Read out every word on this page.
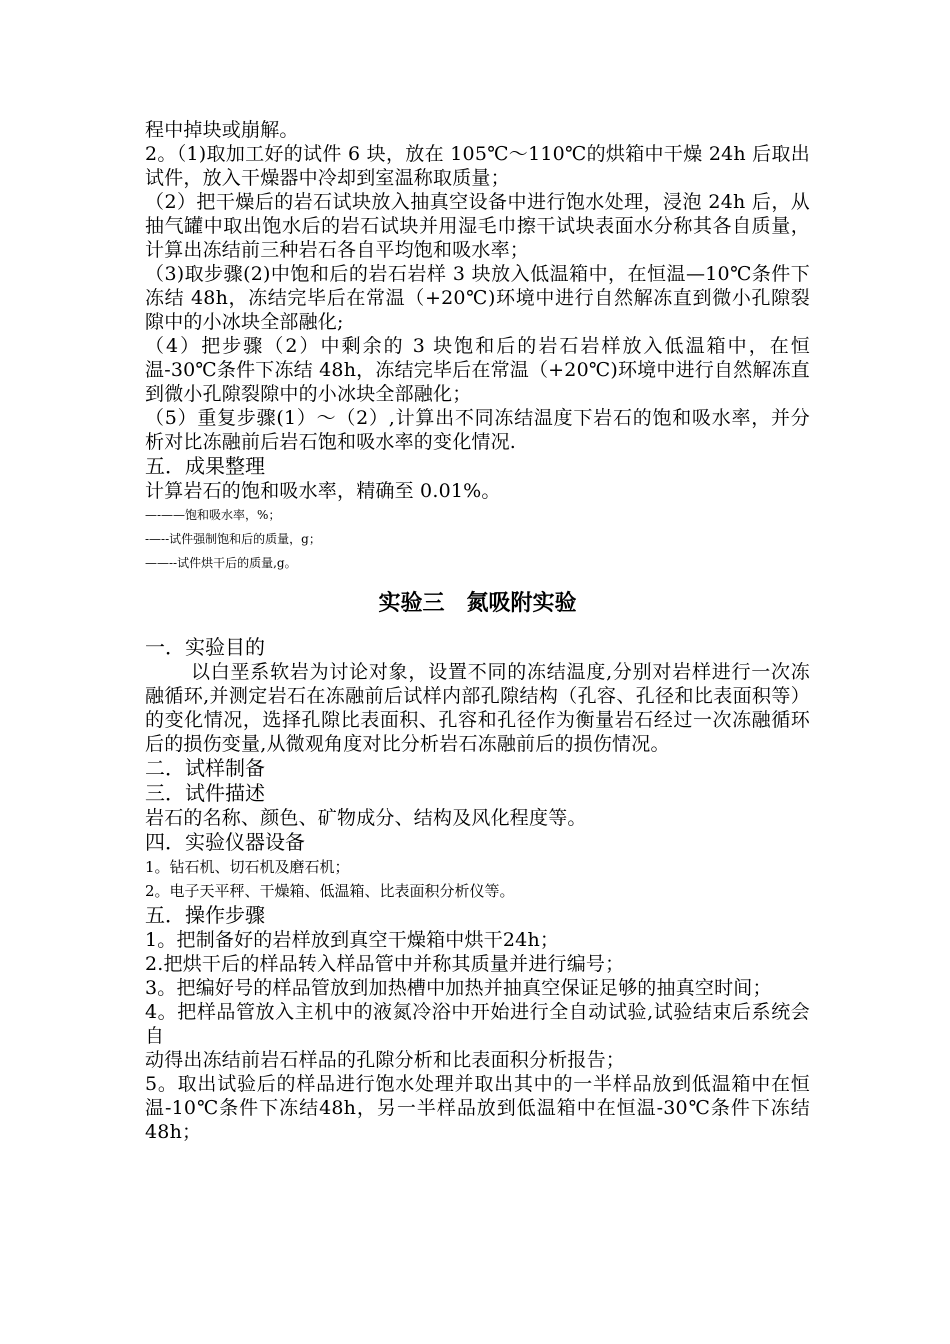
程中掉块或崩解。

2。（1)取加工好的试件 6 块，放在 105℃～110℃的烘箱中干燥 24h 后取出试件，放入干燥器中冷却到室温称取质量；

（2）把干燥后的岩石试块放入抽真空设备中进行饱水处理，浸泡 24h 后，从抽气罐中取出饱水后的岩石试块并用湿毛巾擦干试块表面水分称其各自质量，计算出冻结前三种岩石各自平均饱和吸水率；

（3)取步骤(2)中饱和后的岩石岩样 3 块放入低温箱中，在恒温—10℃条件下冻结 48h，冻结完毕后在常温（+20℃)环境中进行自然解冻直到微小孔隙裂隙中的小冰块全部融化;

（4）把步骤（2）中剩余的 3 块饱和后的岩石岩样放入低温箱中，在恒温-30℃条件下冻结 48h，冻结完毕后在常温（+20℃)环境中进行自然解冻直到微小孔隙裂隙中的小冰块全部融化；

（5）重复步骤(1）～（2）,计算出不同冻结温度下岩石的饱和吸水率，并分析对比冻融前后岩石饱和吸水率的变化情况.

五．成果整理

计算岩石的饱和吸水率，精确至 0.01%。

—-——饱和吸水率，%；

-—--试件强制饱和后的质量，g；

——--试件烘干后的质量,g。

实验三　氮吸附实验
一．实验目的

以白垩系软岩为讨论对象，设置不同的冻结温度,分别对岩样进行一次冻融循环,并测定岩石在冻融前后试样内部孔隙结构（孔容、孔径和比表面积等）的变化情况，选择孔隙比表面积、孔容和孔径作为衡量岩石经过一次冻融循环后的损伤变量,从微观角度对比分析岩石冻融前后的损伤情况。

二．试样制备
三．试件描述

岩石的名称、颜色、矿物成分、结构及风化程度等。

四．实验仪器设备

1。钻石机、切石机及磨石机；

2。电子天平秤、干燥箱、低温箱、比表面积分析仪等。

五．操作步骤

1。把制备好的岩样放到真空干燥箱中烘干24h；

2.把烘干后的样品转入样品管中并称其质量并进行编号；

3。把编好号的样品管放到加热槽中加热并抽真空保证足够的抽真空时间；

4。把样品管放入主机中的液氮冷浴中开始进行全自动试验,试验结束后系统会自

动得出冻结前岩石样品的孔隙分析和比表面积分析报告；

5。取出试验后的样品进行饱水处理并取出其中的一半样品放到低温箱中在恒温-10℃条件下冻结48h，另一半样品放到低温箱中在恒温-30℃条件下冻结48h；
